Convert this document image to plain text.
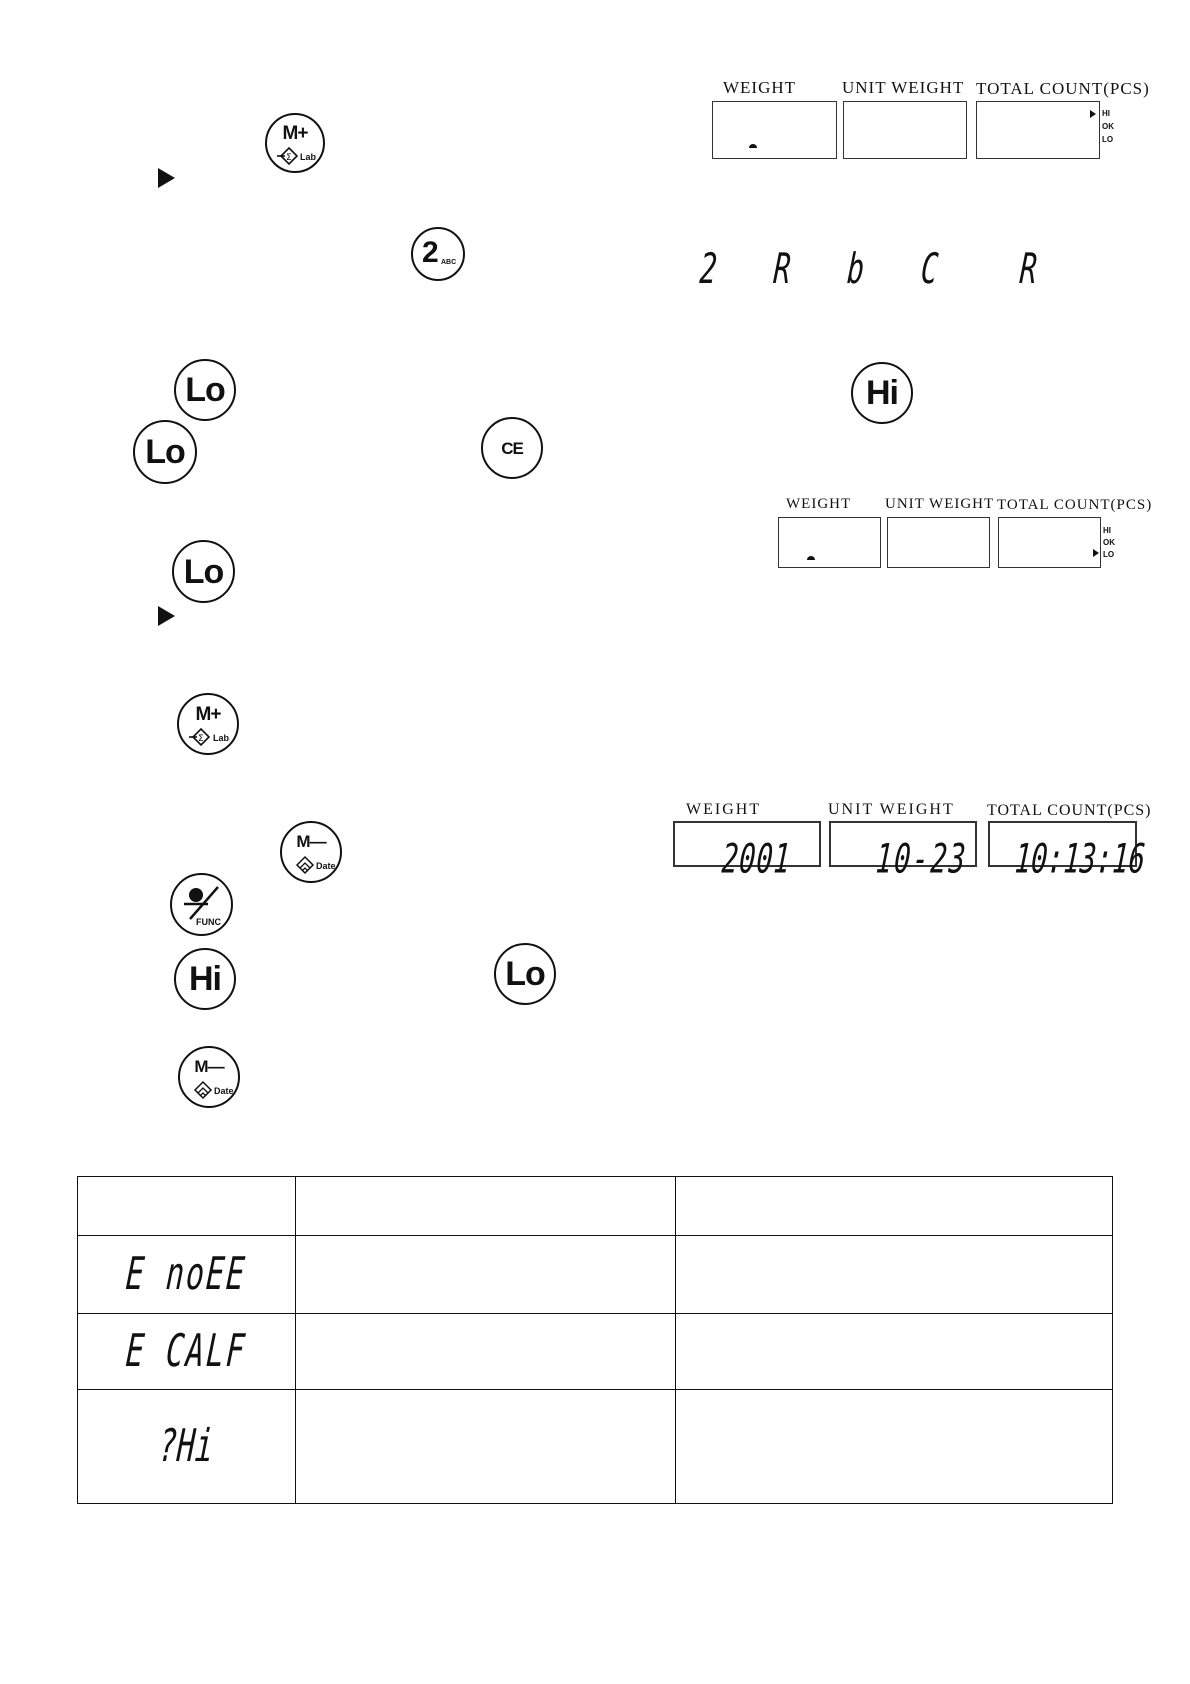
M+
Lab
Σ
WEIGHT	UNIT WEIGHT TOTAL COUNT(PCS)
HI
OK
LO
2 ABC	2 R b C R
Lo	Hi
Lo	CE
WEIGHT UNIT WEIGHT TOTAL COUNT(PCS)
HI
OK
LO
Lo
M+
Lab
Σ
WEIGHT	UNIT WEIGHT TOTAL COUNT(PCS)
2001	10-23 10:13:16
M—
Date
FUNC
Hi	Lo
M—
Date

E noEE		
E CALF		
?Hi		
